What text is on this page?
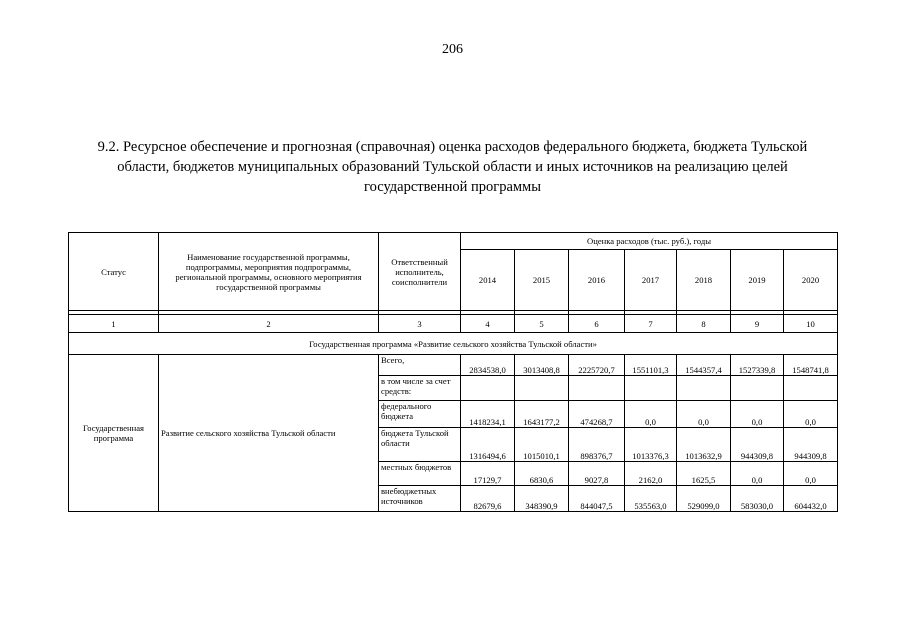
206
9.2. Ресурсное обеспечение и прогнозная (справочная) оценка расходов федерального бюджета, бюджета Тульской
области, бюджетов муниципальных образований Тульской области и иных источников на реализацию целей
государственной программы
Статус	Наименование государственной программы, подпрограммы, мероприятия подпрограммы, региональной программы, основного мероприятия государственной программы	Ответственный исполнитель, соисполнители	Оценка расходов (тыс. руб.), годы						
			2014	2015	2016	2017	2018	2019	2020

1	2	3	4	5	6	7	8	9	10
Государственная программа «Развитие сельского хозяйства Тульской области»									
Государственная программа	Развитие сельского хозяйства Тульской области	Всего,	2834538,0	3013408,8	2225720,7	1551101,3	1544357,4	1527339,8	1548741,8
		в том числе за счет средств:							
		федерального бюджета	1418234,1	1643177,2	474268,7	0,0	0,0	0,0	0,0
		бюджета Тульской области	1316494,6	1015010,1	898376,7	1013376,3	1013632,9	944309,8	944309,8
		местных бюджетов	17129,7	6830,6	9027,8	2162,0	1625,5	0,0	0,0
		внебюджетных источников	82679,6	348390,9	844047,5	535563,0	529099,0	583030,0	604432,0
